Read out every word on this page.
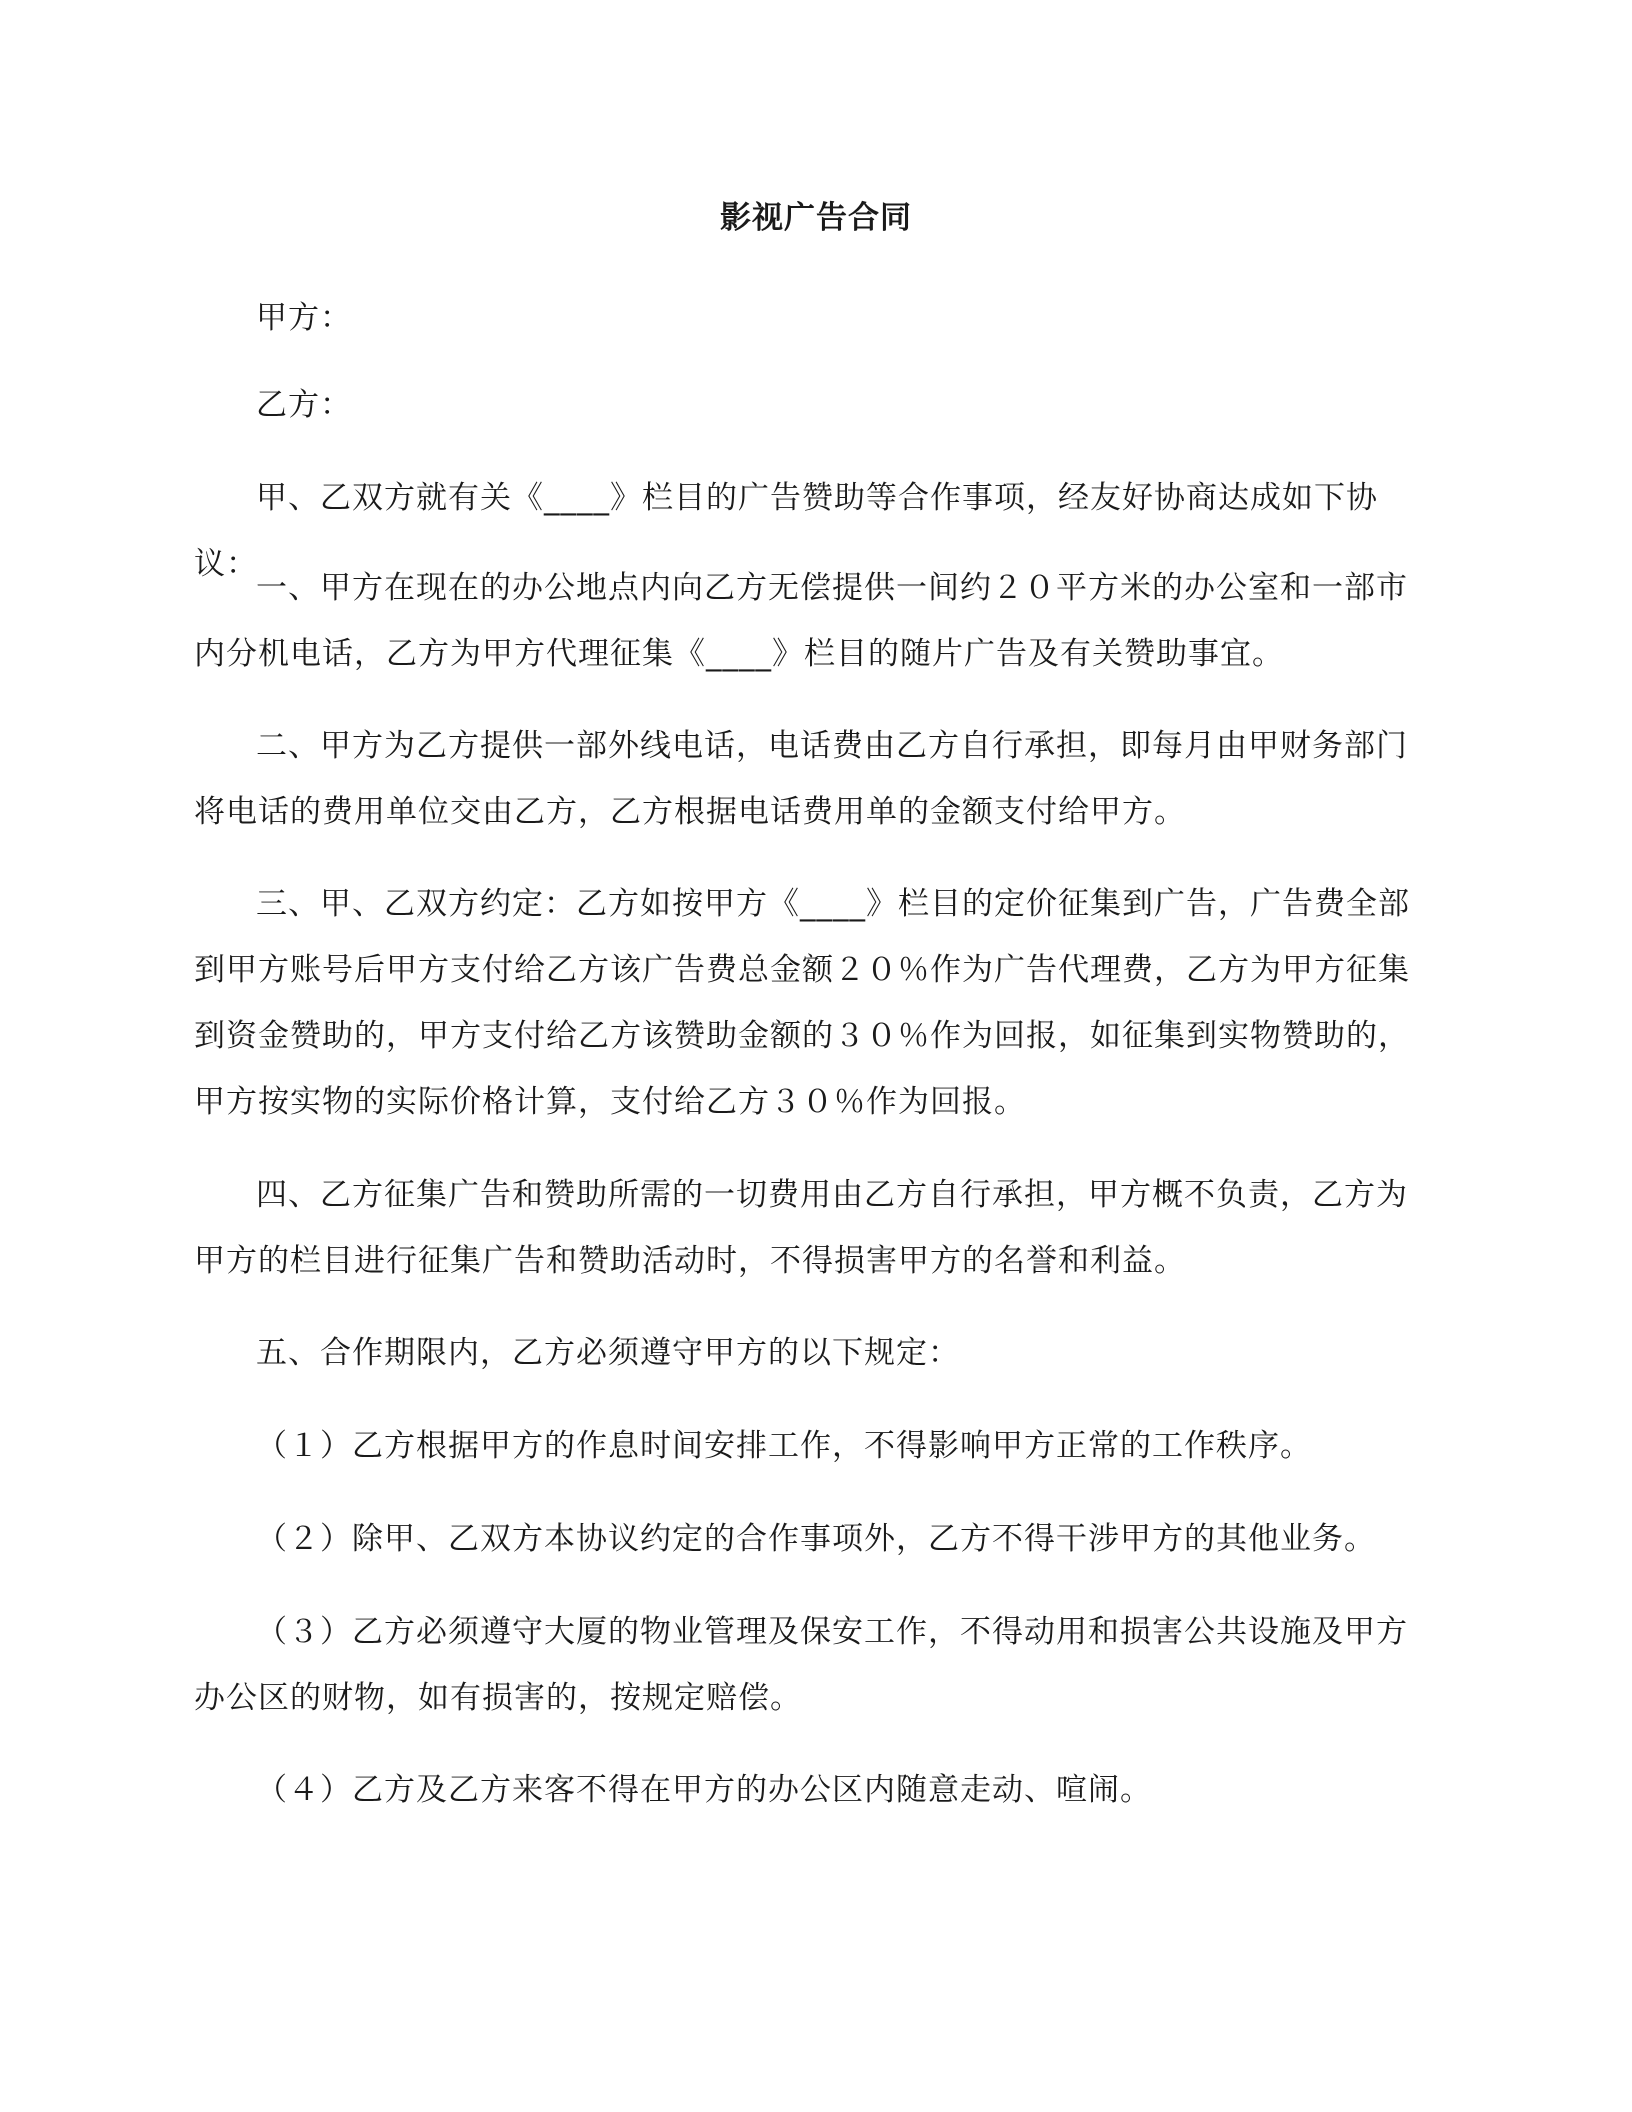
影视广告合同
甲方：
乙方：
甲、乙双方就有关《____》栏目的广告赞助等合作事项，经友好协商达成如下协议：
一、甲方在现在的办公地点内向乙方无偿提供一间约２０平方米的办公室和一部市内分机电话，乙方为甲方代理征集《____》栏目的随片广告及有关赞助事宜。
二、甲方为乙方提供一部外线电话，电话费由乙方自行承担，即每月由甲财务部门将电话的费用单位交由乙方，乙方根据电话费用单的金额支付给甲方。
三、甲、乙双方约定：乙方如按甲方《____》栏目的定价征集到广告，广告费全部到甲方账号后甲方支付给乙方该广告费总金额２０％作为广告代理费，乙方为甲方征集到资金赞助的，甲方支付给乙方该赞助金额的３０％作为回报，如征集到实物赞助的，甲方按实物的实际价格计算，支付给乙方３０％作为回报。
四、乙方征集广告和赞助所需的一切费用由乙方自行承担，甲方概不负责，乙方为甲方的栏目进行征集广告和赞助活动时，不得损害甲方的名誉和利益。
五、合作期限内，乙方必须遵守甲方的以下规定：
（１）乙方根据甲方的作息时间安排工作，不得影响甲方正常的工作秩序。
（２）除甲、乙双方本协议约定的合作事项外，乙方不得干涉甲方的其他业务。
（３）乙方必须遵守大厦的物业管理及保安工作，不得动用和损害公共设施及甲方办公区的财物，如有损害的，按规定赔偿。
（４）乙方及乙方来客不得在甲方的办公区内随意走动、喧闹。
